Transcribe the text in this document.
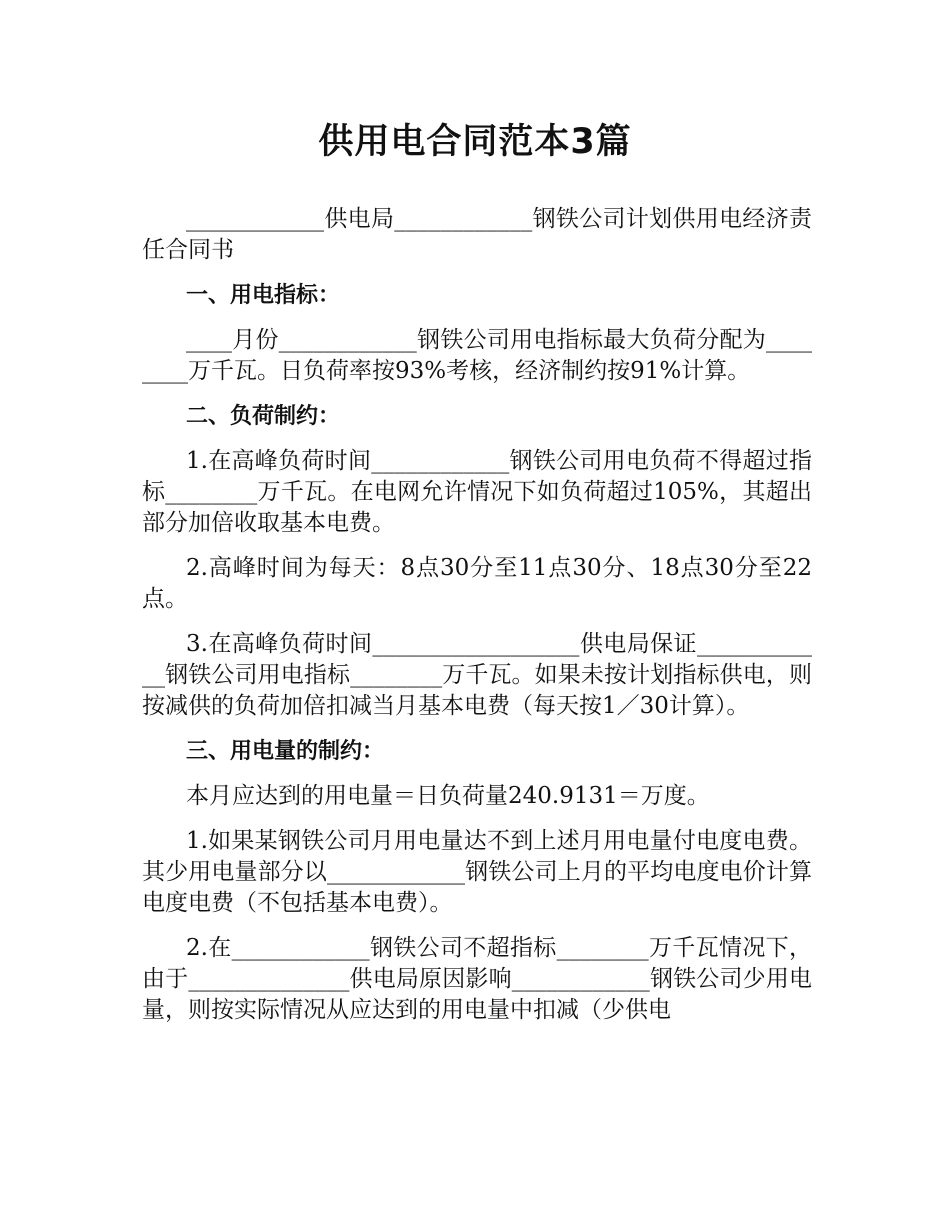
供用电合同范本3篇

____________供电局____________钢铁公司计划供用电经济责任合同书

一、用电指标：

____月份____________钢铁公司用电指标最大负荷分配为________万千瓦。日负荷率按93%考核，经济制约按91%计算。

二、负荷制约：

1.在高峰负荷时间____________钢铁公司用电负荷不得超过指标________万千瓦。在电网允许情况下如负荷超过105%，其超出部分加倍收取基本电费。

2.高峰时间为每天：8点30分至11点30分、18点30分至22点。

3.在高峰负荷时间__________________供电局保证____________钢铁公司用电指标________万千瓦。如果未按计划指标供电，则按减供的负荷加倍扣减当月基本电费（每天按1／30计算）。

三、用电量的制约：

本月应达到的用电量＝日负荷量240.9131＝万度。

1.如果某钢铁公司月用电量达不到上述月用电量付电度电费。其少用电量部分以____________钢铁公司上月的平均电度电价计算电度电费（不包括基本电费）。

2.在____________钢铁公司不超指标________万千瓦情况下，由于______________供电局原因影响____________钢铁公司少用电量，则按实际情况从应达到的用电量中扣减（少供电
